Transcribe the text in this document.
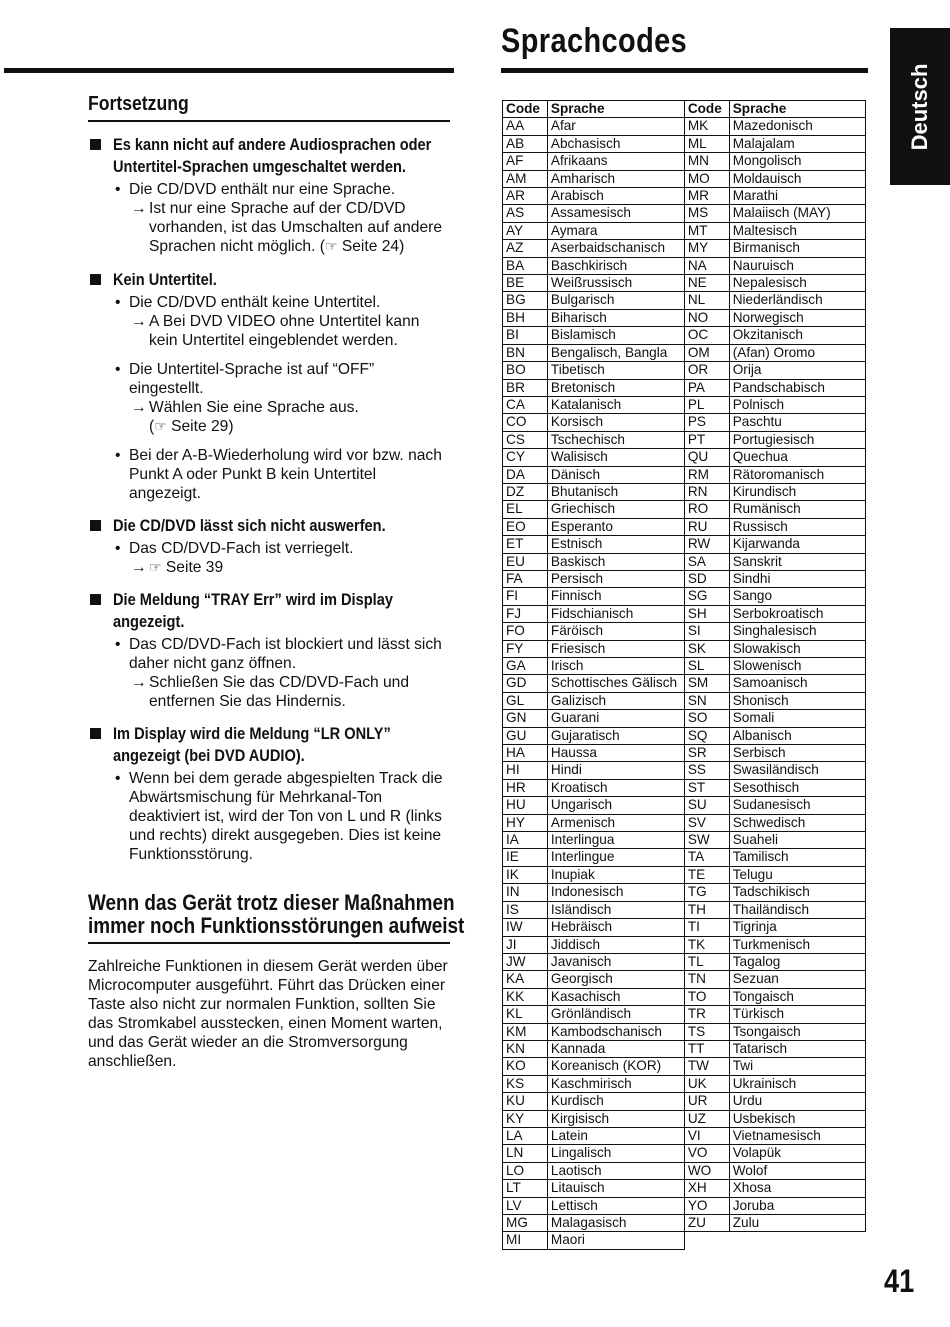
Sprachcodes
Deutsch
Fortsetzung

Es kann nicht auf andere Audiosprachen oder Untertitel-Sprachen umgeschaltet werden.

• Die CD/DVD enthält nur eine Sprache.
→ Ist nur eine Sprache auf der CD/DVD vorhanden, ist das Umschalten auf andere Sprachen nicht möglich. (☞ Seite 24)

Kein Untertitel.

• Die CD/DVD enthält keine Untertitel.
→ A Bei DVD VIDEO ohne Untertitel kann kein Untertitel eingeblendet werden.
• Die Untertitel-Sprache ist auf “OFF” eingestellt.
→ Wählen Sie eine Sprache aus.
(☞ Seite 29)
• Bei der A-B-Wiederholung wird vor bzw. nach Punkt A oder Punkt B kein Untertitel angezeigt.

Die CD/DVD lässt sich nicht auswerfen.

• Das CD/DVD-Fach ist verriegelt.
→ ☞ Seite 39

Die Meldung “TRAY Err” wird im Display angezeigt.

• Das CD/DVD-Fach ist blockiert und lässt sich daher nicht ganz öffnen.
→ Schließen Sie das CD/DVD-Fach und entfernen Sie das Hindernis.

Im Display wird die Meldung “LR ONLY” angezeigt (bei DVD AUDIO).

• Wenn bei dem gerade abgespielten Track die Abwärtsmischung für Mehrkanal-Ton deaktiviert ist, wird der Ton von L und R (links und rechts) direkt ausgegeben. Dies ist keine Funktionsstörung.
Wenn das Gerät trotz dieser Maßnahmen
immer noch Funktionsstörungen aufweist

Zahlreiche Funktionen in diesem Gerät werden über Microcomputer ausgeführt. Führt das Drücken einer Taste also nicht zur normalen Funktion, sollten Sie das Stromkabel ausstecken, einen Moment warten, und das Gerät wieder an die Stromversorgung anschließen.

Code	Sprache	Code	Sprache
AA	Afar	MK	Mazedonisch
AB	Abchasisch	ML	Malajalam
AF	Afrikaans	MN	Mongolisch
AM	Amharisch	MO	Moldauisch
AR	Arabisch	MR	Marathi
AS	Assamesisch	MS	Malaiisch (MAY)
AY	Aymara	MT	Maltesisch
AZ	Aserbaidschanisch	MY	Birmanisch
BA	Baschkirisch	NA	Nauruisch
BE	Weißrussisch	NE	Nepalesisch
BG	Bulgarisch	NL	Niederländisch
BH	Biharisch	NO	Norwegisch
BI	Bislamisch	OC	Okzitanisch
BN	Bengalisch, Bangla	OM	(Afan) Oromo
BO	Tibetisch	OR	Orija
BR	Bretonisch	PA	Pandschabisch
CA	Katalanisch	PL	Polnisch
CO	Korsisch	PS	Paschtu
CS	Tschechisch	PT	Portugiesisch
CY	Walisisch	QU	Quechua
DA	Dänisch	RM	Rätoromanisch
DZ	Bhutanisch	RN	Kirundisch
EL	Griechisch	RO	Rumänisch
EO	Esperanto	RU	Russisch
ET	Estnisch	RW	Kijarwanda
EU	Baskisch	SA	Sanskrit
FA	Persisch	SD	Sindhi
FI	Finnisch	SG	Sango
FJ	Fidschianisch	SH	Serbokroatisch
FO	Färöisch	SI	Singhalesisch
FY	Friesisch	SK	Slowakisch
GA	Irisch	SL	Slowenisch
GD	Schottisches Gälisch	SM	Samoanisch
GL	Galizisch	SN	Shonisch
GN	Guarani	SO	Somali
GU	Gujaratisch	SQ	Albanisch
HA	Haussa	SR	Serbisch
HI	Hindi	SS	Swasiländisch
HR	Kroatisch	ST	Sesothisch
HU	Ungarisch	SU	Sudanesisch
HY	Armenisch	SV	Schwedisch
IA	Interlingua	SW	Suaheli
IE	Interlingue	TA	Tamilisch
IK	Inupiak	TE	Telugu
IN	Indonesisch	TG	Tadschikisch
IS	Isländisch	TH	Thailändisch
IW	Hebräisch	TI	Tigrinja
JI	Jiddisch	TK	Turkmenisch
JW	Javanisch	TL	Tagalog
KA	Georgisch	TN	Sezuan
KK	Kasachisch	TO	Tongaisch
KL	Grönländisch	TR	Türkisch
KM	Kambodschanisch	TS	Tsongaisch
KN	Kannada	TT	Tatarisch
KO	Koreanisch (KOR)	TW	Twi
KS	Kaschmirisch	UK	Ukrainisch
KU	Kurdisch	UR	Urdu
KY	Kirgisisch	UZ	Usbekisch
LA	Latein	VI	Vietnamesisch
LN	Lingalisch	VO	Volapük
LO	Laotisch	WO	Wolof
LT	Litauisch	XH	Xhosa
LV	Lettisch	YO	Joruba
MG	Malagasisch	ZU	Zulu
MI	Maori		
41
